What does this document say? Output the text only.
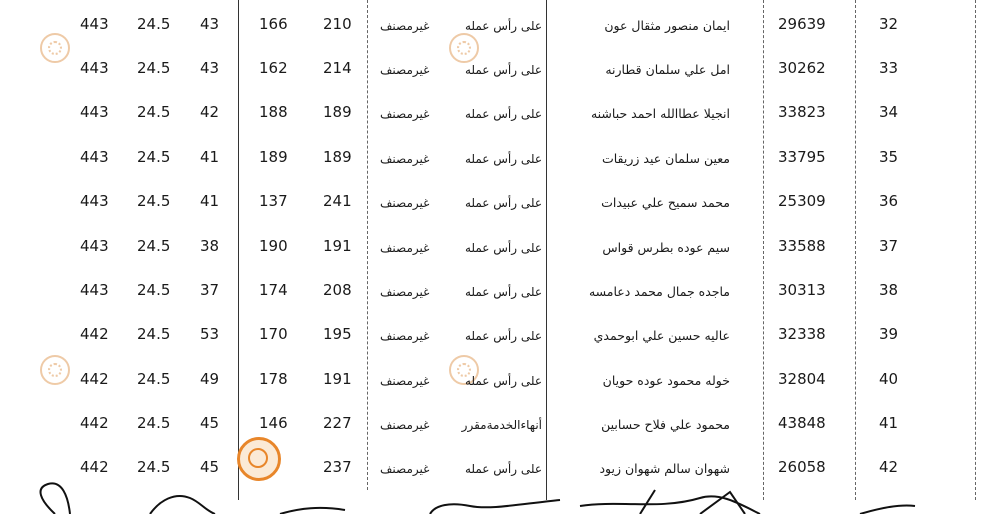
443 24.5 43	166 210 غيرمصنف	على رأس عمله	ايمان منصور مثقال عون	29639	32
443 24.5 43	162 214 غيرمصنف	على رأس عمله	امل علي سلمان قطارنه	30262	33
443 24.5 42	188 189 غيرمصنف	على رأس عمله	انجيلا عطاالله احمد حباشنه	33823	34
443 24.5 41	189 189 غيرمصنف	على رأس عمله	معين سلمان عيد زريقات	33795	35
443 24.5 41	137 241 غيرمصنف	على رأس عمله	محمد سميح علي عبيدات	25309	36
443 24.5 38	190 191 غيرمصنف	على رأس عمله	سيم عوده بطرس قواس	33588	37
443 24.5 37	174 208 غيرمصنف	على رأس عمله	ماجده جمال محمد دعامسه	30313	38
442 24.5 53	170 195 غيرمصنف	على رأس عمله	عاليه حسين علي ابوحمدي	32338	39
442 24.5 49	178 191 غيرمصنف	على رأس عمله	خوله محمود عوده حويان	32804	40
442 24.5 45	146 227 غيرمصنف	أنهاءالخدمةمقرر	محمود علي فلاح حسابين	43848	41
442 24.5 45	237 غيرمصنف	على رأس عمله	شهوان سالم شهوان زيود	26058	42
